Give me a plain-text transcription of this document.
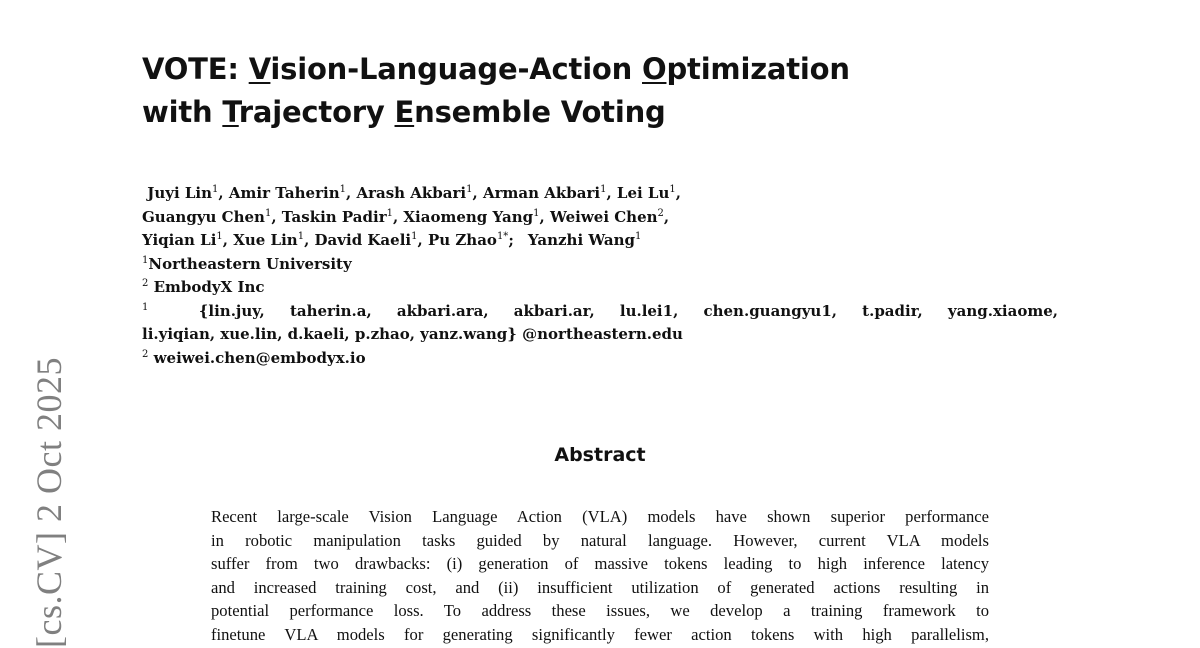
VOTE: Vision-Language-Action Optimization
with Trajectory Ensemble Voting
Juyi Lin$^1$, Amir Taherin$^1$, Arash Akbari$^1$, Arman Akbari$^1$, Lei Lu$^1$,
Guangyu Chen$^1$, Taskin Padir$^1$, Xiaomeng Yang$^1$, Weiwei Chen$^2$,
Yiqian Li$^1$, Xue Lin$^1$, David Kaeli$^1$, Pu Zhao$^{1*}$; Yanzhi Wang$^1$
$^1$Northeastern University
$^2$ EmbodyX Inc
$^1$	{lin.juy, taherin.a, akbari.ara, akbari.ar, lu.lei1, chen.guangyu1, t.padir, yang.xiaome,
li.yiqian, xue.lin, d.kaeli, p.zhao, yanz.wang} @northeastern.edu
$^2$ weiwei.chen@embodyx.io
Abstract
Recent large-scale Vision Language Action (VLA) models have shown superior performance
in robotic manipulation tasks guided by natural language. However, current VLA models
suffer from two drawbacks: (i) generation of massive tokens leading to high inference latency
and increased training cost, and (ii) insufficient utilization of generated actions resulting in
potential performance loss. To address these issues, we develop a training framework to
finetune VLA models for generating significantly fewer action tokens with high parallelism,
[cs.CV] 2 Oct 2025
